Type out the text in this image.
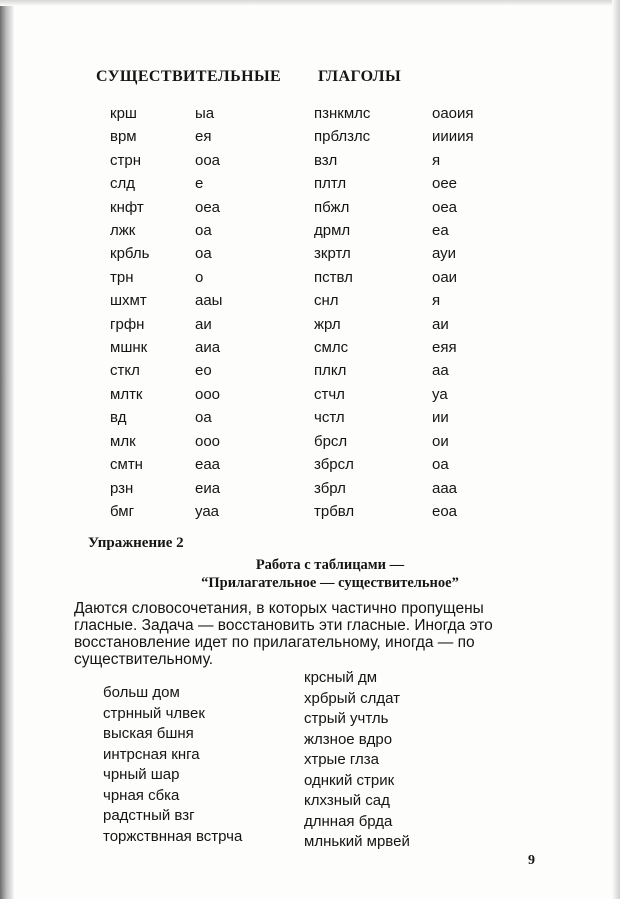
СУЩЕСТВИТЕЛЬНЫЕ ГЛАГОЛЫ
крш
врм
стрн
слд
кнфт
лжк
крбль
трн
шхмт
грфн
мшнк
сткл
млтк
вд
млк
смтн
рзн
бмг
ыа
ея
ооа
е
оеа
оа
оа
о
ааы
аи
аиа
ео
ооо
оа
ооо
еаа
еиа
уаа
пзнкмлс
прблзлс
взл
плтл
пбжл
дрмл
зкртл
пствл
снл
жрл
смлс
плкл
стчл
чстл
брсл
збрсл
збрл
трбвл
оаоия
иииия
я
оее
оеа
еа
ауи
оаи
я
аи
еяя
аа
уа
ии
ои
оа
ааа
еоа
Упражнение 2
Работа с таблицами —
“Прилагательное — существительное”

Даются словосочетания, в которых частично пропущены
гласные. Задача — восстановить эти гласные. Иногда это
восстановление идет по прилагательному, иногда — по
существительному.

больш дом
стрнный члвек
выская бшня
интрсная кнга
чрный шар
чрная сбка
радстный взг
торжствнная встрча
крсный дм
хрбрый слдат
стрый учтль
жлзное вдро
хтрые глза
однкий стрик
клхзный сад
длнная брда
млнький мрвей
9
